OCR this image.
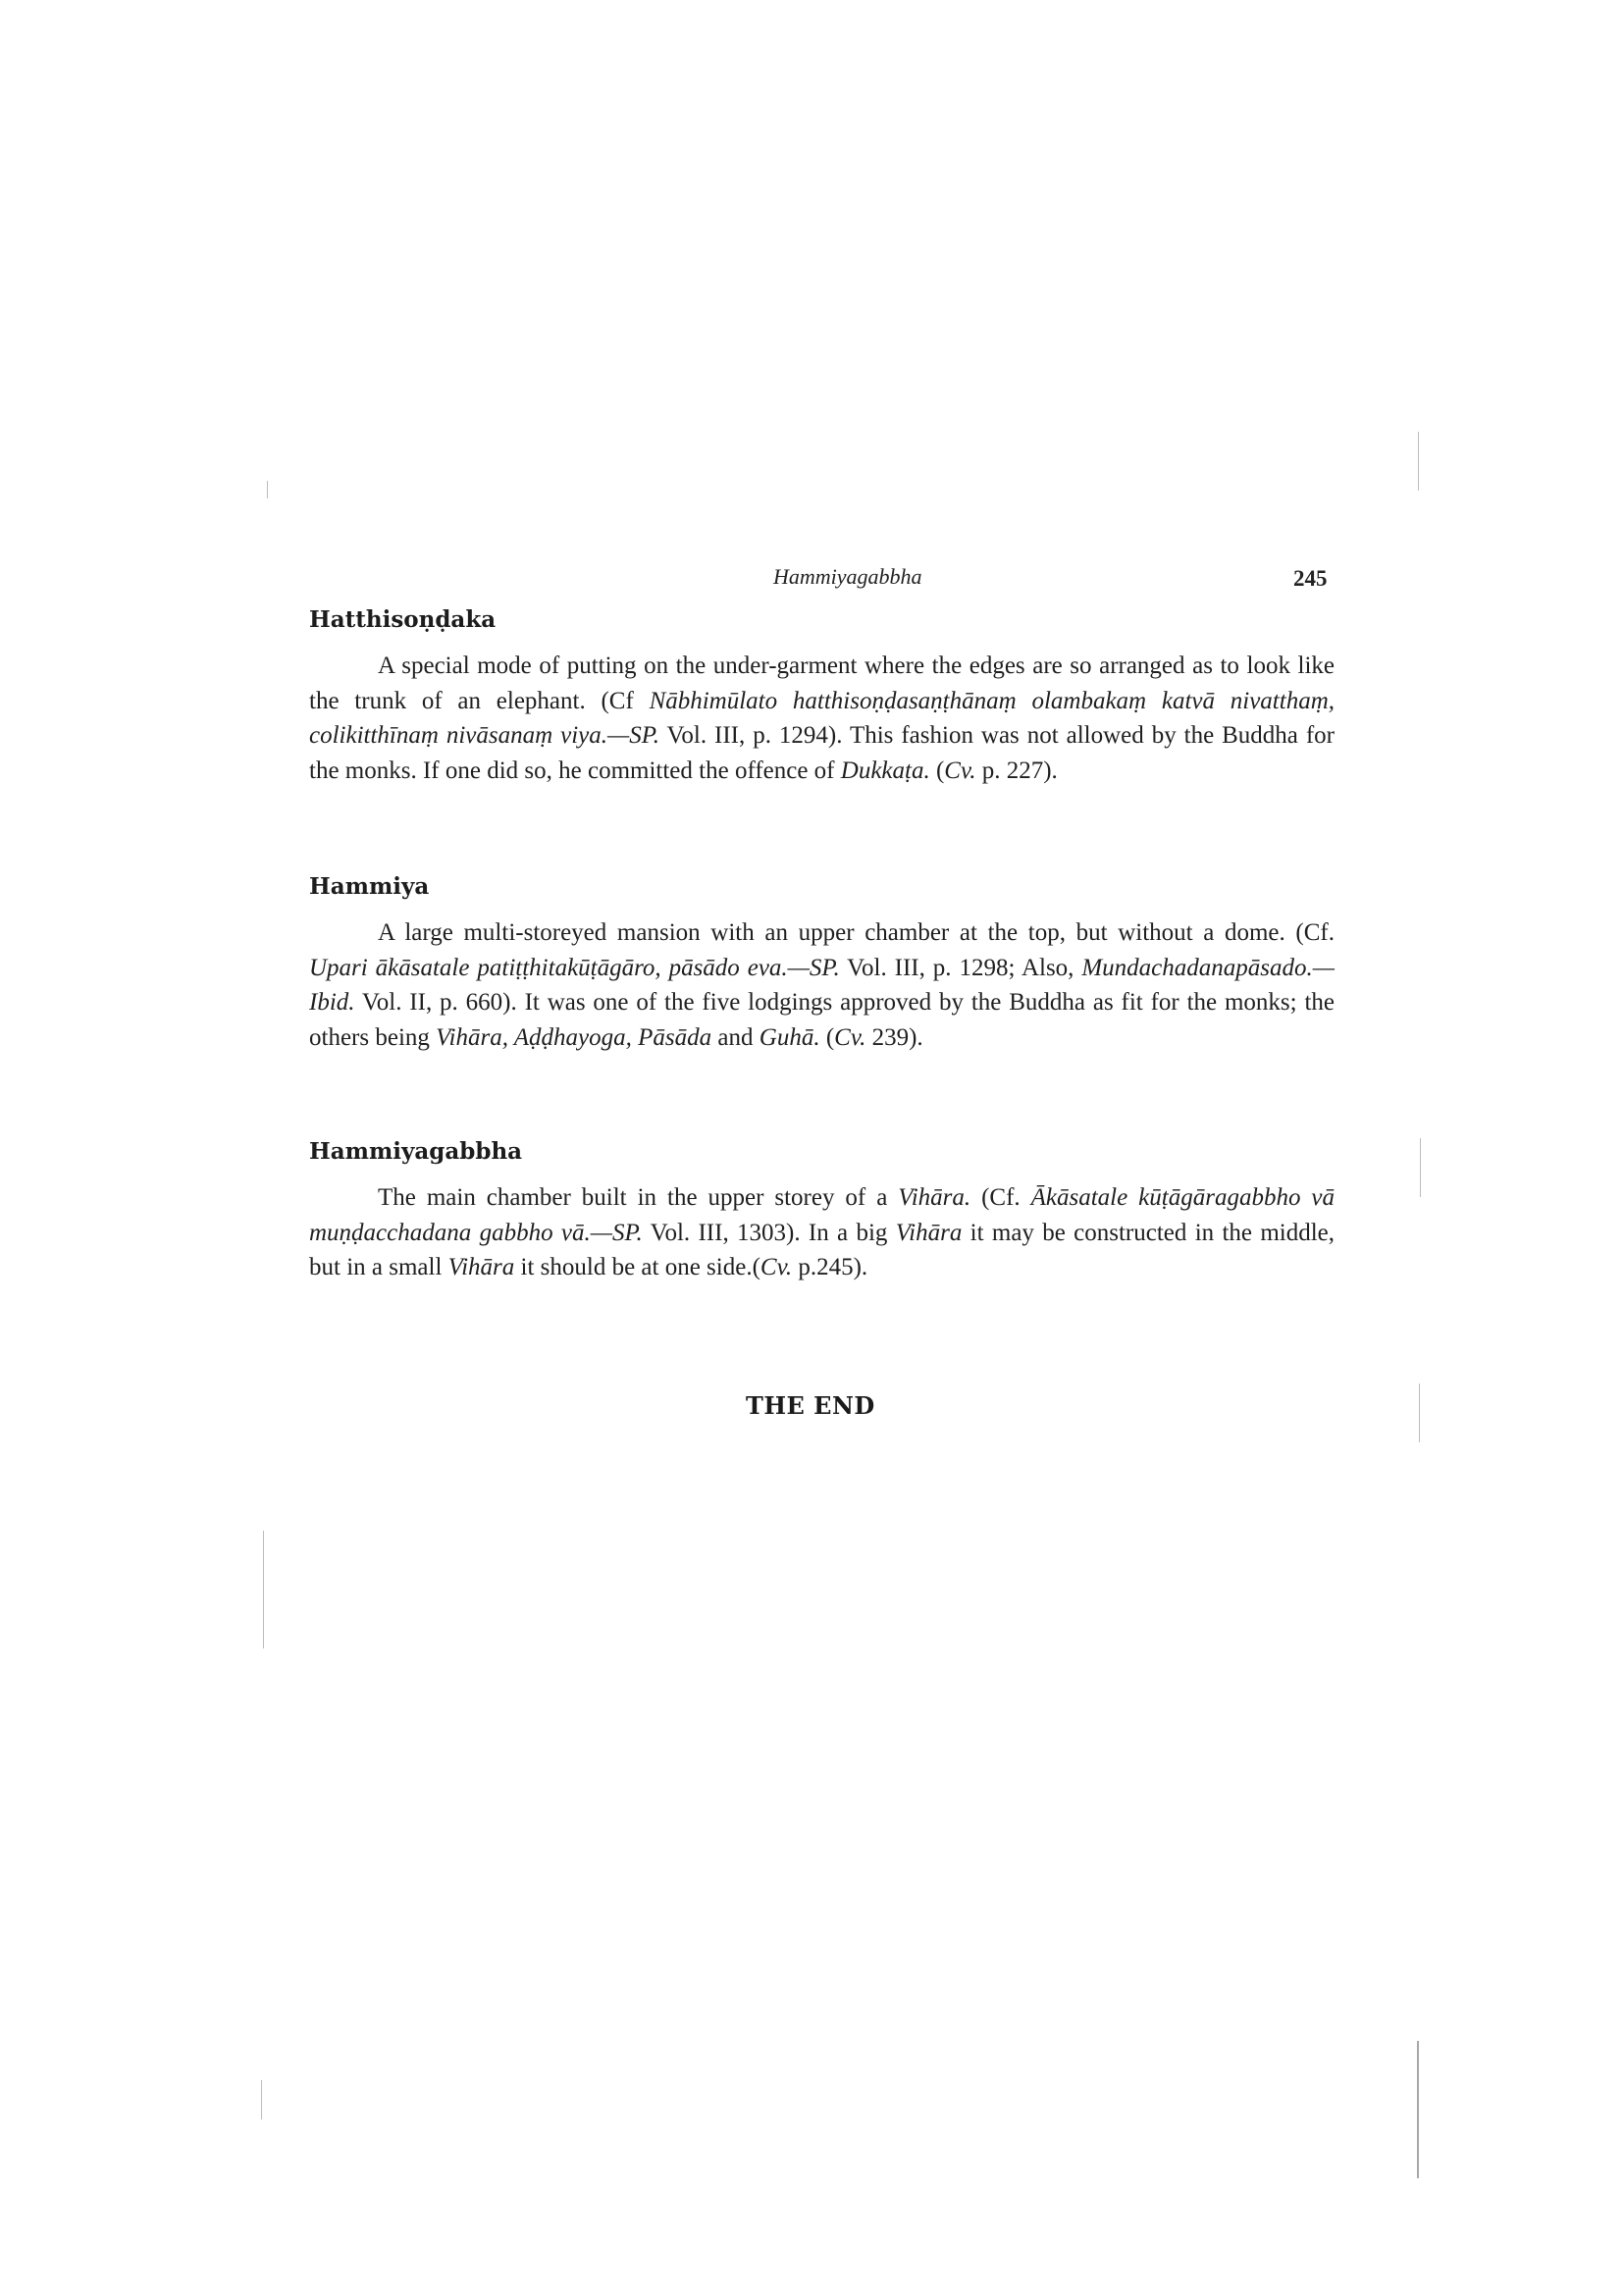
Hammiyagabbha	245
Hatthisoṇḍaka

A special mode of putting on the under-garment where the edges are so arranged as to look like the trunk of an elephant. (Cf Nābhimūlato hatthisoṇḍasaṇṭhānaṃ olambakaṃ katvā nivatthaṃ, colikitthīnaṃ nivāsanaṃ viya.—SP. Vol. III, p. 1294). This fashion was not allowed by the Buddha for the monks. If one did so, he committed the offence of Dukkaṭa. (Cv. p. 227).

Hammiya

A large multi-storeyed mansion with an upper chamber at the top, but without a dome. (Cf. Upari ākāsatale patiṭṭhitakūṭāgāro, pāsādo eva.—SP. Vol. III, p. 1298; Also, Mundachadanapāsado.—Ibid. Vol. II, p. 660). It was one of the five lodgings approved by the Buddha as fit for the monks; the others being Vihāra, Aḍḍhayoga, Pāsāda and Guhā. (Cv. 239).

Hammiyagabbha

The main chamber built in the upper storey of a Vihāra. (Cf. Ākāsatale kūṭāgāragabbho vā muṇḍacchadana gabbho vā.—SP. Vol. III, 1303). In a big Vihāra it may be constructed in the middle, but in a small Vihāra it should be at one side.(Cv. p.245).

THE END
